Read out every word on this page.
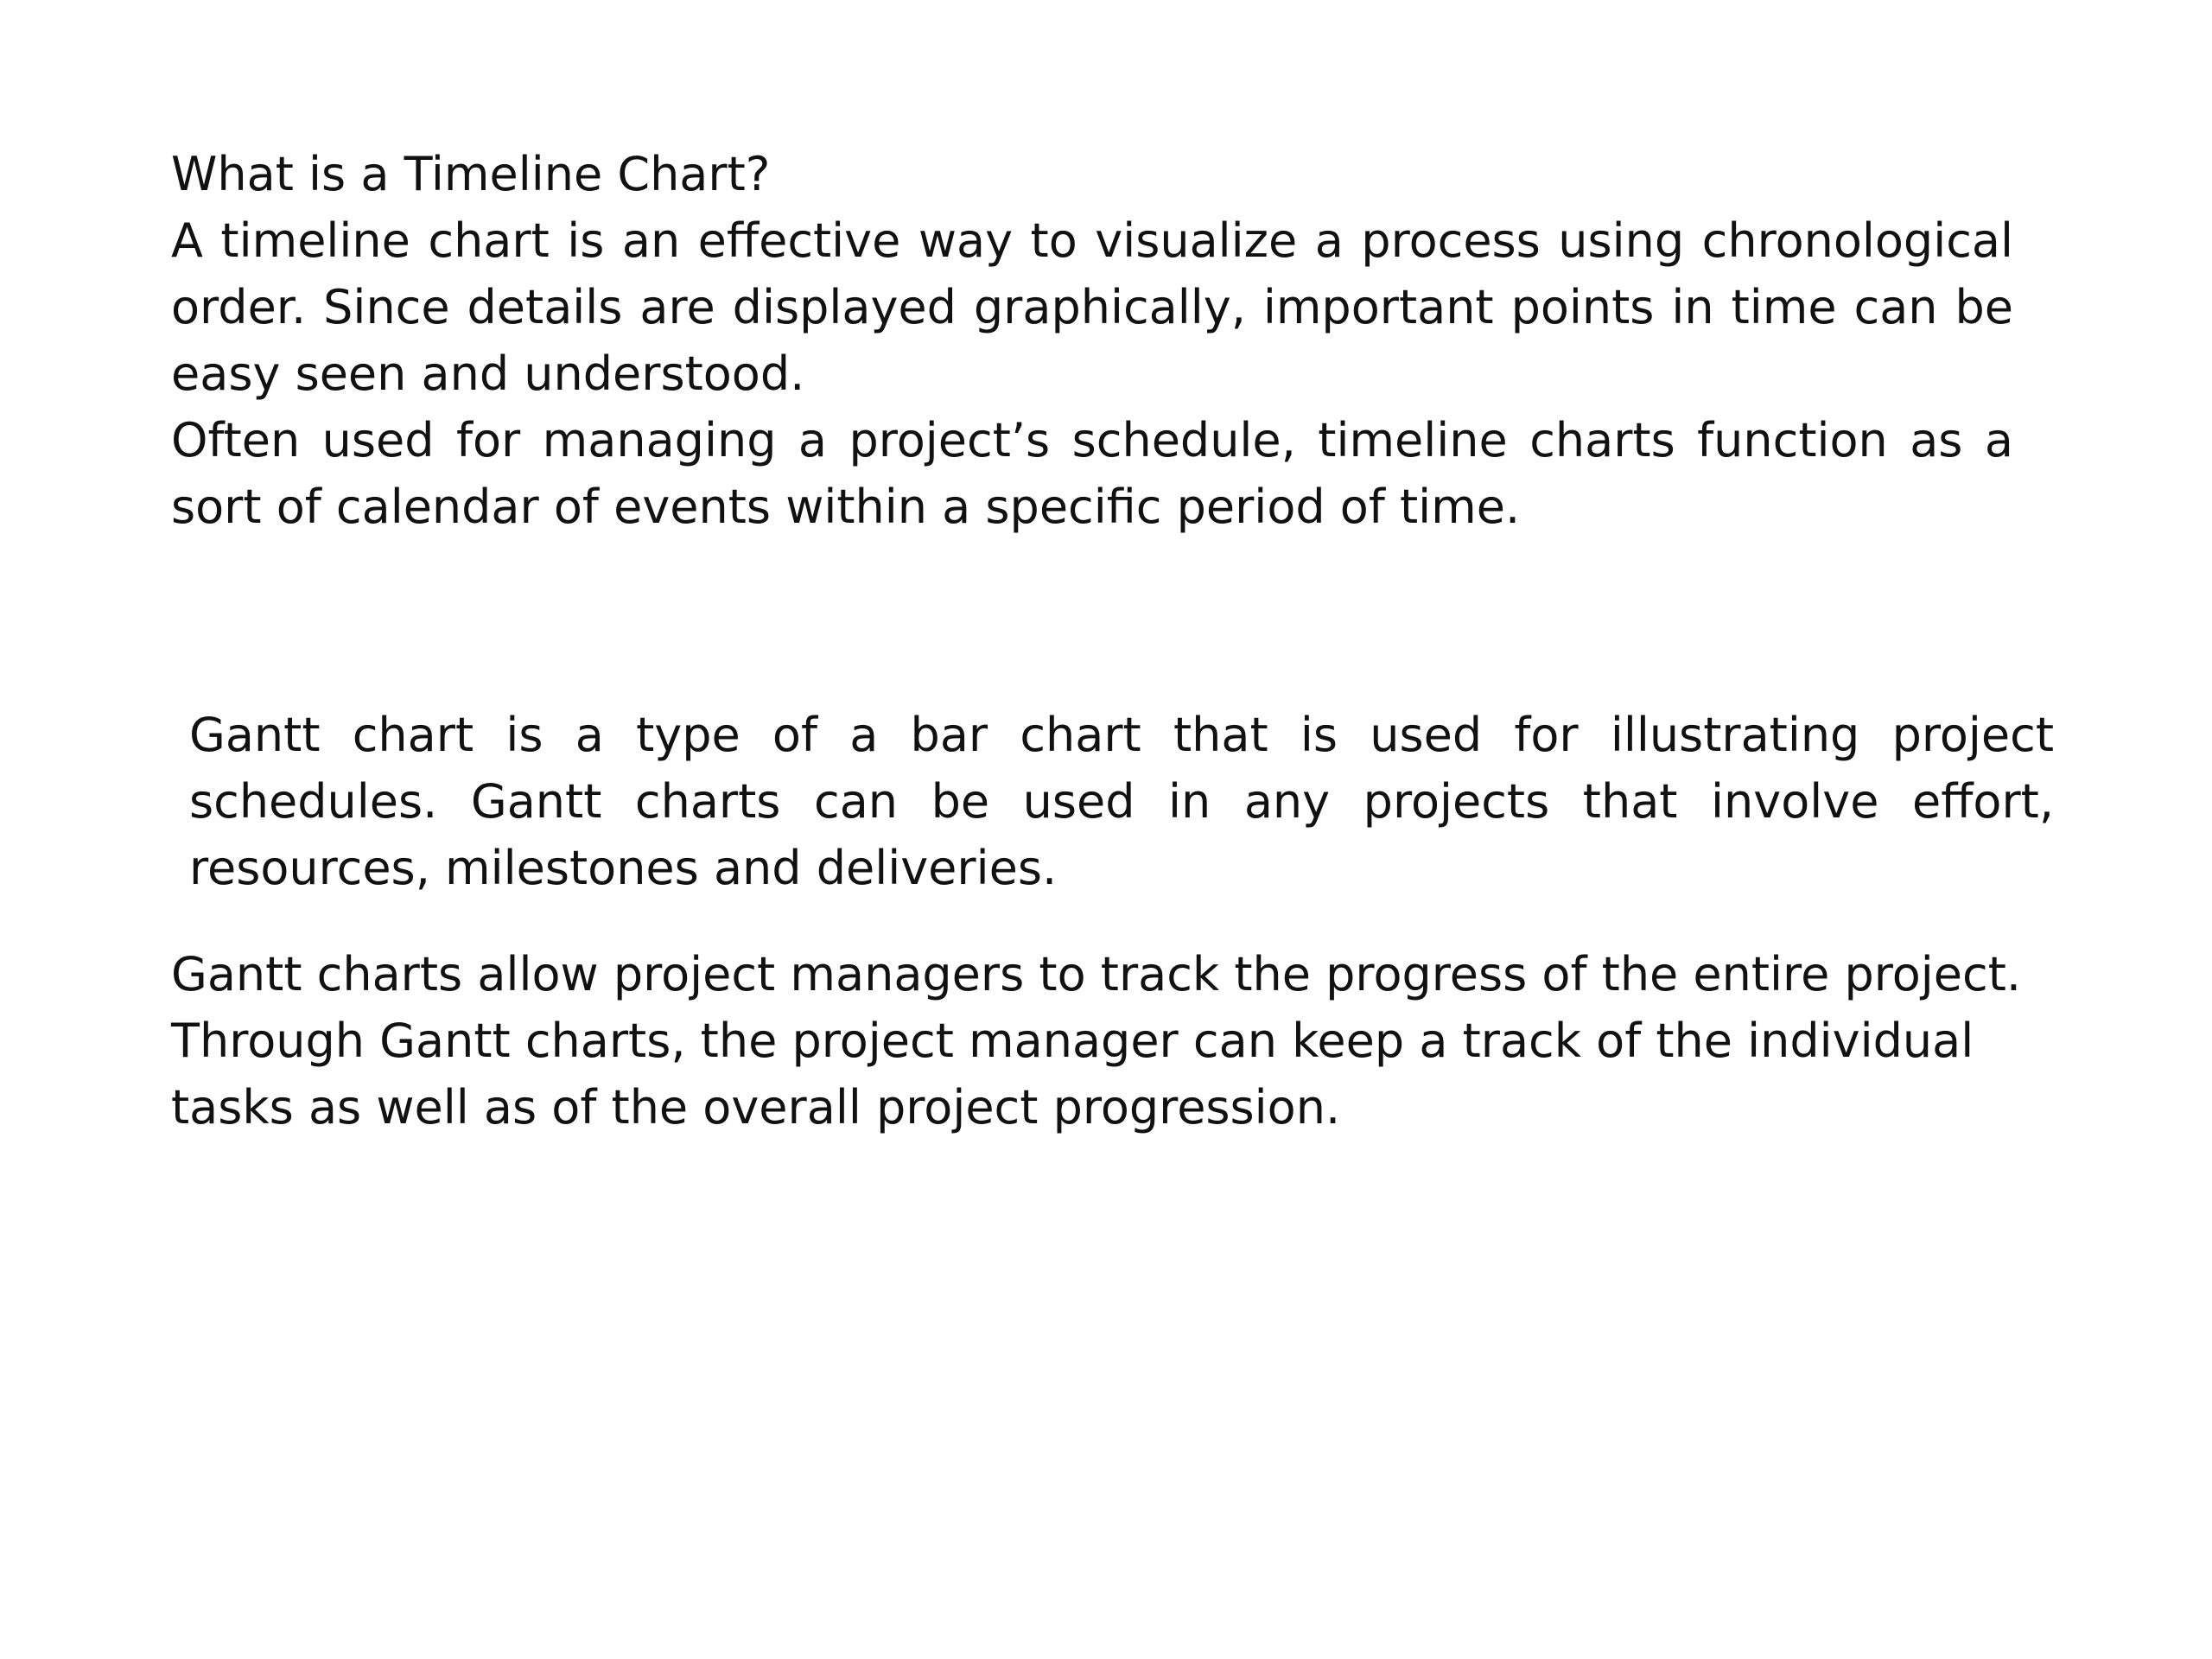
What is a Timeline Chart?

A timeline chart is an effective way to visualize a process using chronological order. Since details are displayed graphically, important points in time can be easy seen and understood.

Often used for managing a project’s schedule, timeline charts function as a sort of calendar of events within a specific period of time.

Gantt chart is a type of a bar chart that is used for illustrating project schedules. Gantt charts can be used in any projects that involve effort, resources, milestones and deliveries.

Gantt charts allow project managers to track the progress of the entire project.

Through Gantt charts, the project manager can keep a track of the individual tasks as well as of the overall project progression.
